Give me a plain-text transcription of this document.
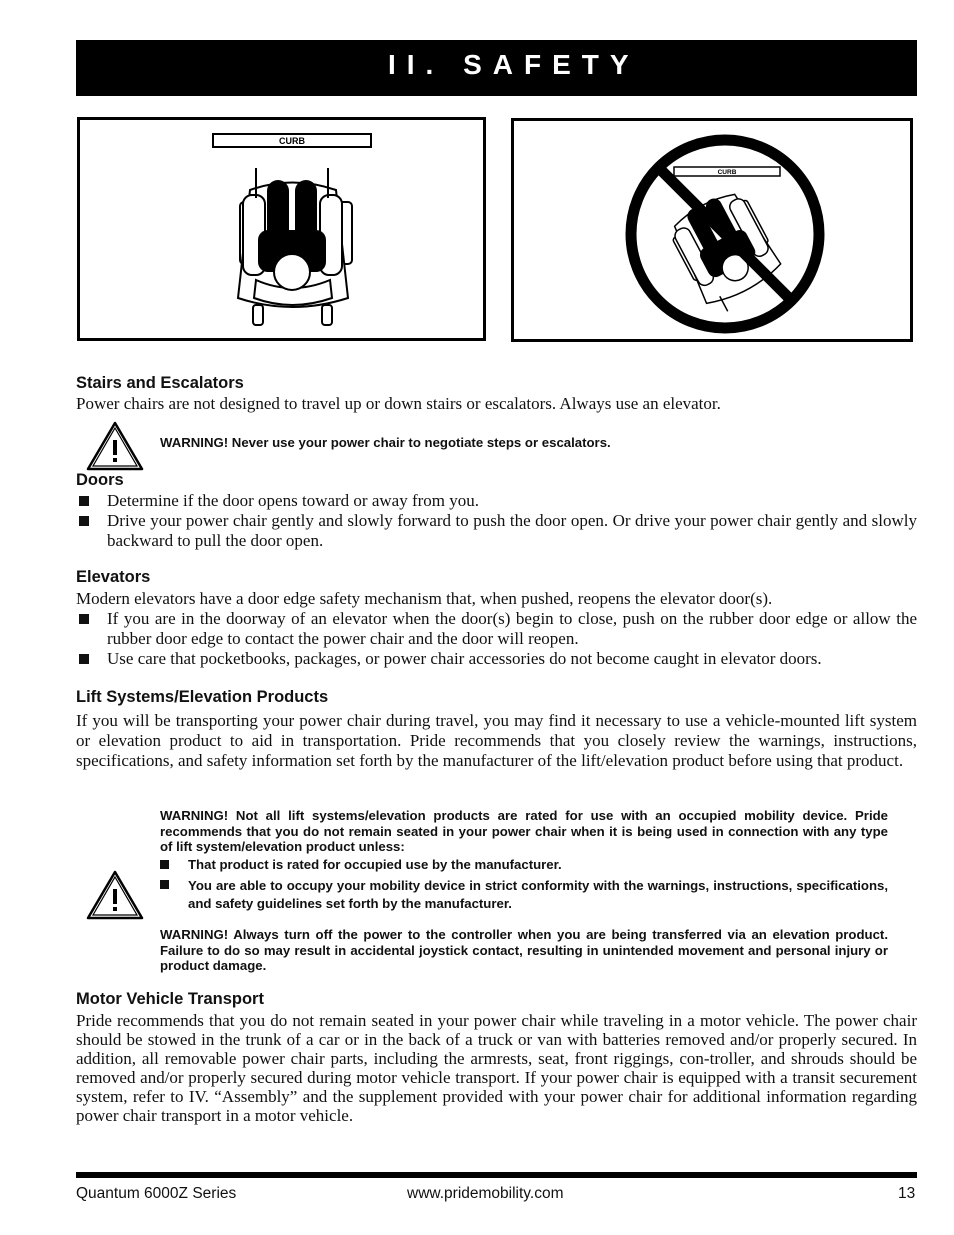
II. SAFETY
CURB
CURB
Stairs and Escalators

Power chairs are not designed to travel up or down stairs or escalators. Always use an elevator.

WARNING! Never use your power chair to negotiate steps or escalators.
Doors
Determine if the door opens toward or away from you.
Drive your power chair gently and slowly forward to push the door open. Or drive your power chair gently and slowly backward to pull the door open.
Elevators

Modern elevators have a door edge safety mechanism that, when pushed, reopens the elevator door(s).

If you are in the doorway of an elevator when the door(s) begin to close, push on the rubber door edge or allow the rubber door edge to contact the power chair and the door will reopen.
Use care that pocketbooks, packages, or power chair accessories do not become caught in elevator doors.
Lift Systems/Elevation Products

If you will be transporting your power chair during travel, you may find it necessary to use a vehicle-mounted lift system or elevation product to aid in transportation. Pride recommends that you closely review the warnings, instructions, specifications, and safety information set forth by the manufacturer of the lift/elevation product before using that product.

WARNING! Not all lift systems/elevation products are rated for use with an occupied mobility device. Pride recommends that you do not remain seated in your power chair when it is being used in connection with any type of lift system/elevation product unless:
That product is rated for occupied use by the manufacturer.
You are able to occupy your mobility device in strict conformity with the warnings, instructions, specifications, and safety guidelines set forth by the manufacturer.
WARNING! Always turn off the power to the controller when you are being transferred via an elevation product. Failure to do so may result in accidental joystick contact, resulting in unintended movement and personal injury or product damage.
Motor Vehicle Transport

Pride recommends that you do not remain seated in your power chair while traveling in a motor vehicle. The power chair should be stowed in the trunk of a car or in the back of a truck or van with batteries removed and/or properly secured. In addition, all removable power chair parts, including the armrests, seat, front riggings, con-troller, and shrouds should be removed and/or properly secured during motor vehicle transport. If your power chair is equipped with a transit securement system, refer to IV. “Assembly” and the supplement provided with your power chair for additional information regarding power chair transport in a motor vehicle.

Quantum 6000Z Series	www.pridemobility.com	13
